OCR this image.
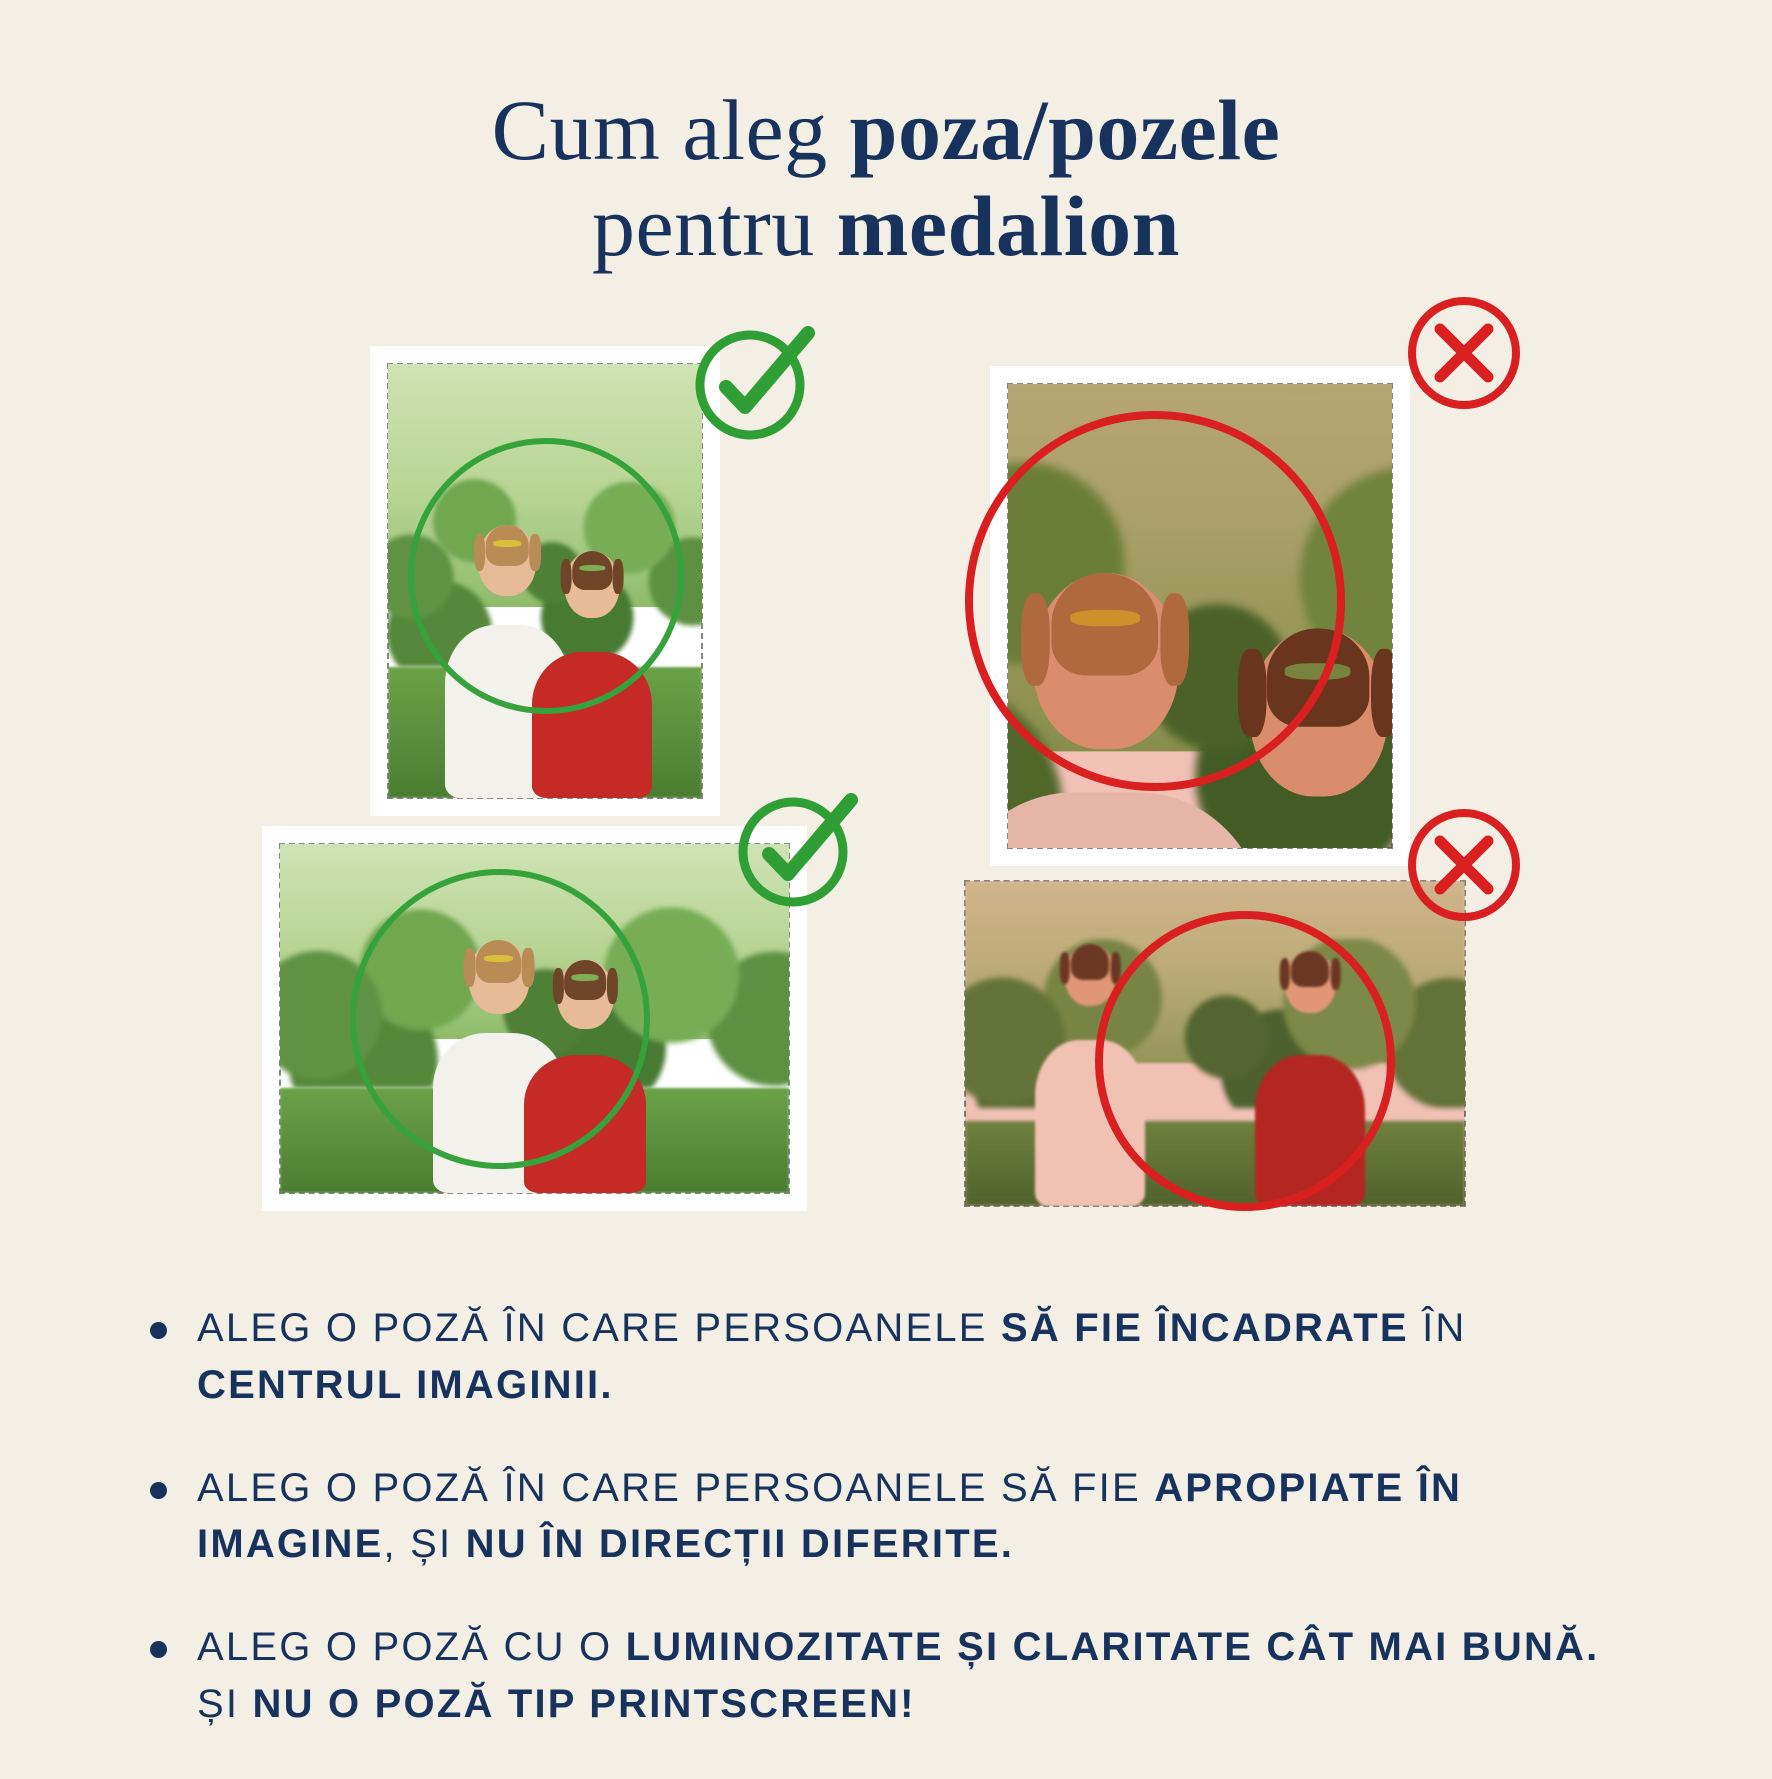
Cum aleg poza/pozele
pentru medalion
ALEG O POZĂ ÎN CARE PERSOANELE SĂ FIE ÎNCADRATE ÎN CENTRUL IMAGINII.
ALEG O POZĂ ÎN CARE PERSOANELE SĂ FIE APROPIATE ÎN IMAGINE, ȘI NU ÎN DIRECȚII DIFERITE.
ALEG O POZĂ CU O LUMINOZITATE ȘI CLARITATE CÂT MAI BUNĂ. ȘI NU O POZĂ TIP PRINTSCREEN!
